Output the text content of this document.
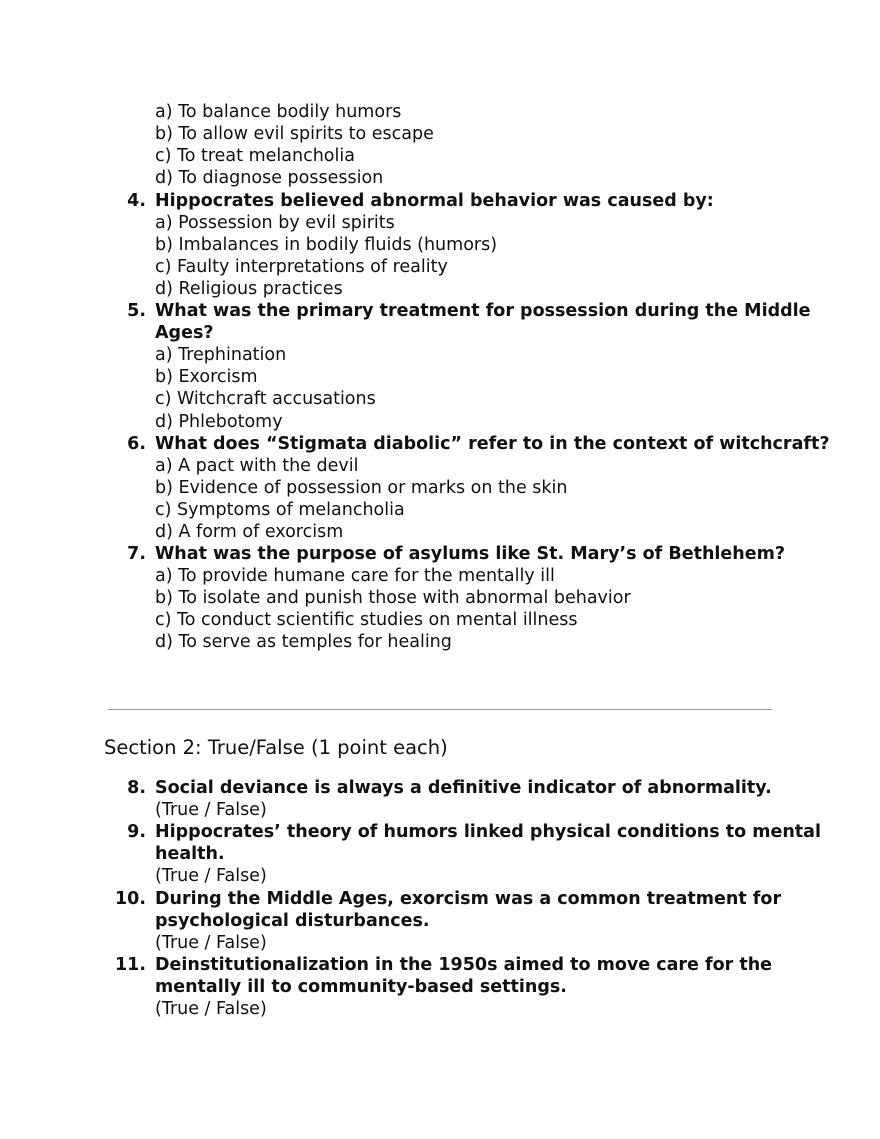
a) To balance bodily humors
b) To allow evil spirits to escape
c) To treat melancholia
d) To diagnose possession
4. Hippocrates believed abnormal behavior was caused by:
a) Possession by evil spirits
b) Imbalances in bodily fluids (humors)
c) Faulty interpretations of reality
d) Religious practices
5. What was the primary treatment for possession during the Middle
Ages?
a) Trephination
b) Exorcism
c) Witchcraft accusations
d) Phlebotomy
6. What does “Stigmata diabolic” refer to in the context of witchcraft?
a) A pact with the devil
b) Evidence of possession or marks on the skin
c) Symptoms of melancholia
d) A form of exorcism
7. What was the purpose of asylums like St. Mary’s of Bethlehem?
a) To provide humane care for the mentally ill
b) To isolate and punish those with abnormal behavior
c) To conduct scientific studies on mental illness
d) To serve as temples for healing
Section 2: True/False (1 point each)
8. Social deviance is always a definitive indicator of abnormality.
(True / False)
9. Hippocrates’ theory of humors linked physical conditions to mental
health.
(True / False)
10. During the Middle Ages, exorcism was a common treatment for
psychological disturbances.
(True / False)
11. Deinstitutionalization in the 1950s aimed to move care for the
mentally ill to community-based settings.
(True / False)
